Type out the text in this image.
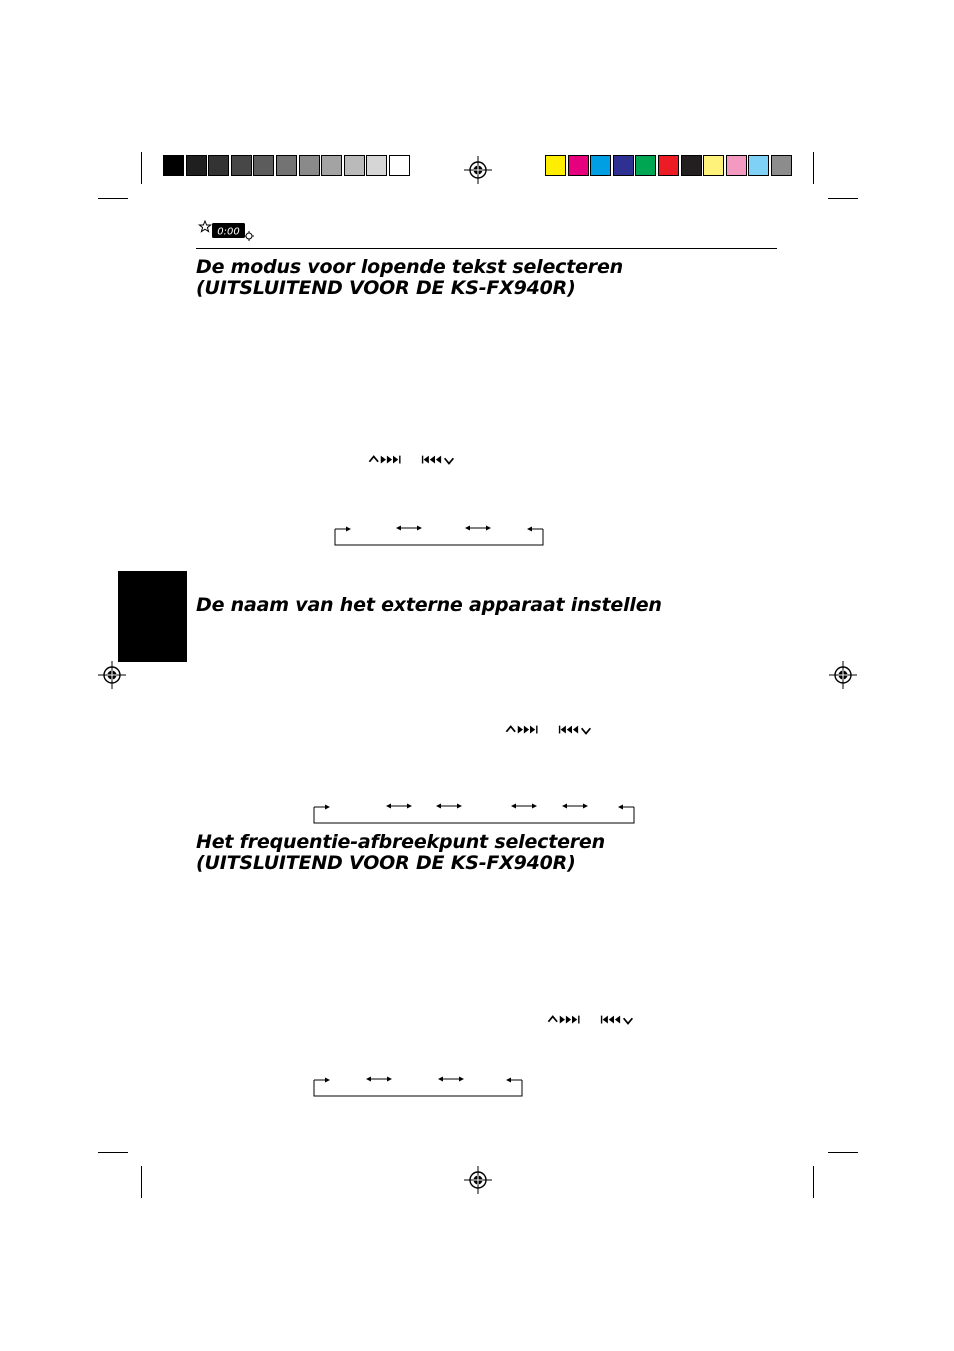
0:00
De modus voor lopende tekst selecteren
(UITSLUITEND VOOR DE KS-FX940R)
De naam van het externe apparaat instellen
Het frequentie-afbreekpunt selecteren
(UITSLUITEND VOOR DE KS-FX940R)
